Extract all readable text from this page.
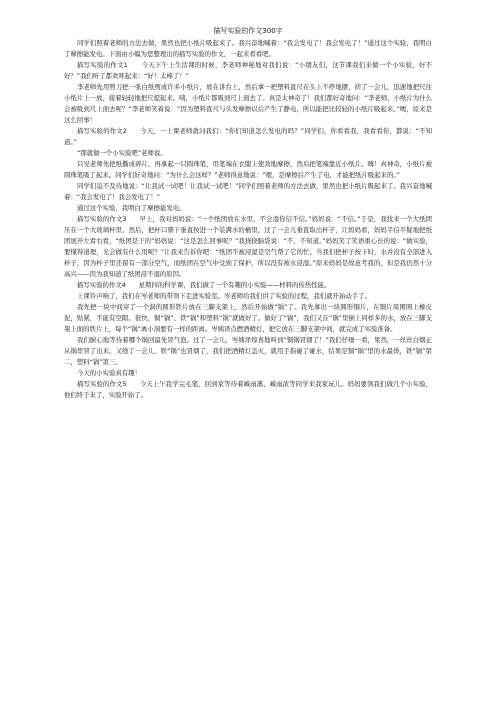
描写实验的作文300字

同学们照着老师的方法去做，果然也把小纸片吸起来了。我兴奋地喊着：“我会发电了！我会发电了！”通过这个实验，我明白了摩擦能发电。下面由小编为您整理出的描写实验的作文，一起来看看吧。

描写实验的作文1　　今天下午上生活课的时候，李老师神秘地对我们说：“小朋友们，这节课我们来做一个小实验，好不好？”我们听了都欢呼起来：“好！太棒了！”

李老师先用剪刀把一张白纸剪成许多小纸片，放在讲台上，然后拿一把塑料直尺在头上不停地摆，搓了一会儿，迅速地把尺往小纸片上一放，接着轻轻地把尺提起来。咦，小纸片都吸到尺上面去了。真是太神奇了！我们都好奇地问：“李老师，小纸片为什么会被吸到尺上面去呢？”李老师笑着说：“因为塑料直尺与头发摩擦以后产生了静电，所以能把比较轻的小纸片吸起来。”噢，原来是这么回事！

描写实验的作文2　　今天，一上课老师就问我们：“你们知道怎么发电的吗？”同学们，你看看我，我看看你，都说：“不知道。”

“那就做一个小实验吧”老师说。

只见老师先把纸撕成碎片，再拿起一只圆珠笔，用笔端在衣服上使劲地摩擦，然后把笔端靠近小纸片。嗨！真神奇，小纸片被圆珠笔吸了起来。同学们好奇地问：“为什么会这样？”老师得意地说：“嗯，是摩擦后产生了电，才能把纸片吸起来的。”

同学们迫不及待地说：“让我试一试吧！让我试一试吧！”同学们照着老师的方法去做，果然也把小纸片吸起来了。我兴奋地喊着：“我会发电了！我会发电了！”

通过这个实验，我明白了摩擦能发电。

描写实验的作文3　　早上，我对妈妈说：“一个纸团放在水里，不会湿你信不信。”妈妈说：“不信。”于是，我找来一个大纸团压在一个大玻璃杯里。然后，把杯口朝下垂直按进一个装满水的桶里，过了一会儿垂直取出杯子，让妈妈看，妈妈半信半疑地把纸团展开左看右看，“纸团是干的”妈妈说：“这是怎么回事呢？”我挠挠脑袋说：“不，不知道。”妈妈笑了笑语重心长的说：“做实验，要懂得道理，光会做有什么用呢？”让我来告诉你吧：“纸团不被浸湿是空气帮了它的忙。当我们把杯子按下时，水并没有全部进入杯子，因为杯子里还留有一部分空气，而纸团在空气中受到了保护，所以没有被水浸湿。”原来妈妈是故意考我的，但是我仍然十分高兴——因为我知道了纸团浸不湿的原因。

描写实验的作文4　　星期四的科学课，我们做了一个有趣的小实验——材料的传热性能。

上课铃声响了，我们在岑老师的带领下走进实验室。岑老师给我们讲了实验的过程，我们就开始动手了。

我先把一块中间穿了一个洞的圆形铁片放在三脚支架上，然后开始做“锅”了。我先拿出一块圆形铜片，在铜片周围围上橡皮泥，贴紧，不能有空隙。很快，铜“锅”、铁“锅”和塑料“锅”就做好了。做好了“锅”，我们又在“锅”里倒上同样多的水，放在三脚支架上面的铁片上，每个“锅”离小洞要有一样的距离。岑姨译点燃酒精灯，把它放在三脚支架中间，就完成了实验准备。

我们耐心地等待着哪个锅回最先冒气泡。过了一会儿，岑姨译惊喜地叫到“铜锅冒烟了！”我们仔细一看，果然，一丝丝白烟正从锅里冒了出来。又绕了一会儿，铁“锅”也冒烟了，我们把酒精灯盖灭，就用手指碰了碰水，结果是铜“锅”里的水最烫，铁“锅”第二，塑料“锅”第三。

今天的小实验真有趣！

描写实验的作文5　　今天上午我学完毛笔，回到家等待着臧雨溪、臧雨浓等同学来我家玩儿。妈妈要领我们做几个小实验，他们终于来了，实验开始了。
